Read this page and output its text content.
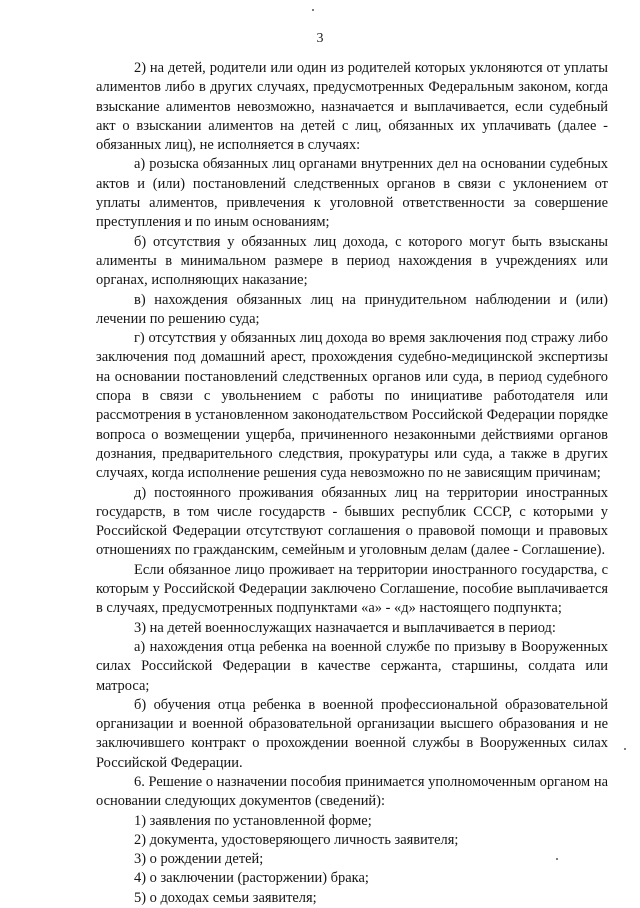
3

2) на детей, родители или один из родителей которых уклоняются от уплаты алиментов либо в других случаях, предусмотренных Федеральным законом, когда взыскание алиментов невозможно, назначается и выплачивается, если судебный акт о взыскании алиментов на детей с лиц, обязанных их уплачивать (далее - обязанных лиц), не исполняется в случаях:

а) розыска обязанных лиц органами внутренних дел на основании судебных актов и (или) постановлений следственных органов в связи с уклонением от уплаты алиментов, привлечения к уголовной ответственности за совершение преступления и по иным основаниям;

б) отсутствия у обязанных лиц дохода, с которого могут быть взысканы алименты в минимальном размере в период нахождения в учреждениях или органах, исполняющих наказание;

в) нахождения обязанных лиц на принудительном наблюдении и (или) лечении по решению суда;

г) отсутствия у обязанных лиц дохода во время заключения под стражу либо заключения под домашний арест, прохождения судебно-медицинской экспертизы на основании постановлений следственных органов или суда, в период судебного спора в связи с увольнением с работы по инициативе работодателя или рассмотрения в установленном законодательством Российской Федерации порядке вопроса о возмещении ущерба, причиненного незаконными действиями органов дознания, предварительного следствия, прокуратуры или суда, а также в других случаях, когда исполнение решения суда невозможно по не зависящим причинам;

д) постоянного проживания обязанных лиц на территории иностранных государств, в том числе государств - бывших республик СССР, с которыми у Российской Федерации отсутствуют соглашения о правовой помощи и правовых отношениях по гражданским, семейным и уголовным делам (далее - Соглашение).

Если обязанное лицо проживает на территории иностранного государства, с которым у Российской Федерации заключено Соглашение, пособие выплачивается в случаях, предусмотренных подпунктами «а» - «д» настоящего подпункта;

3) на детей военнослужащих назначается и выплачивается в период:

а) нахождения отца ребенка на военной службе по призыву в Вооруженных силах Российской Федерации в качестве сержанта, старшины, солдата или матроса;

б) обучения отца ребенка в военной профессиональной образовательной организации и военной образовательной организации высшего образования и не заключившего контракт о прохождении военной службы в Вооруженных силах Российской Федерации.

6. Решение о назначении пособия принимается уполномоченным органом на основании следующих документов (сведений):

1) заявления по установленной форме;

2) документа, удостоверяющего личность заявителя;

3) о рождении детей;

4) о заключении (расторжении) брака;

5) о доходах семьи заявителя;
